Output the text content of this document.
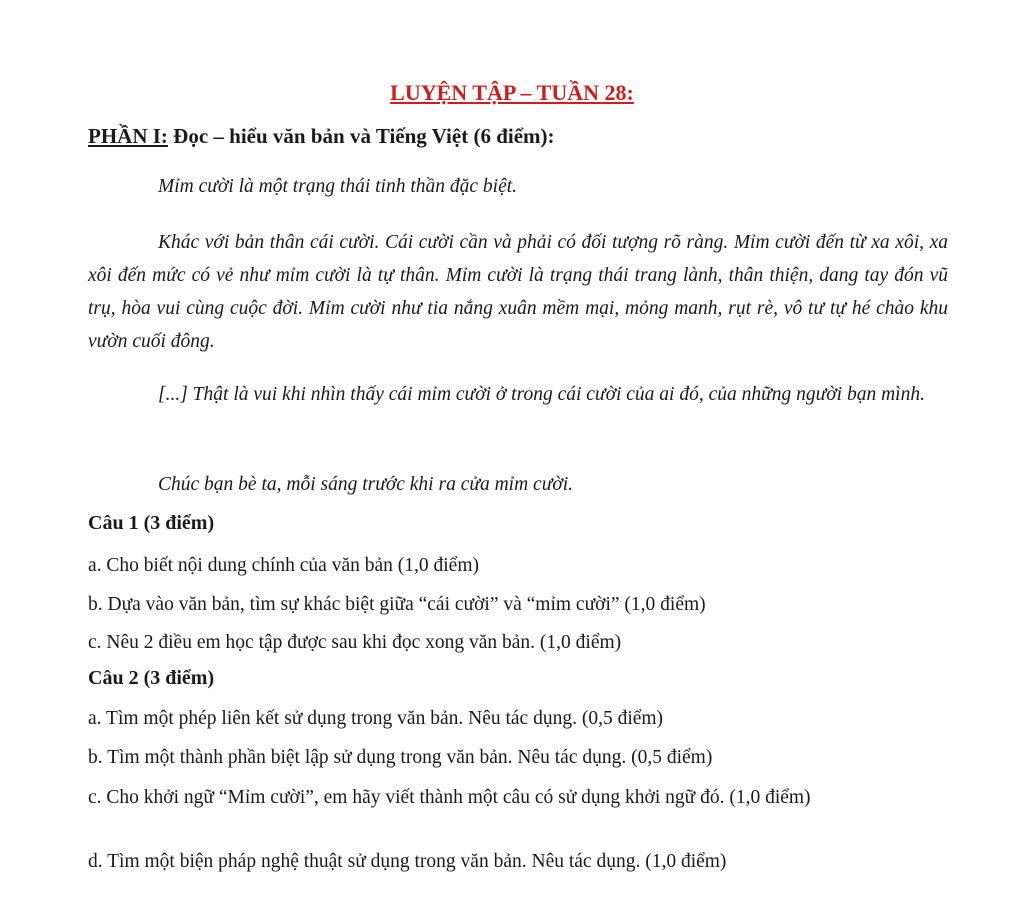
LUYỆN TẬP – TUẦN 28:
PHẦN I: Đọc – hiểu văn bản và Tiếng Việt (6 điểm):

Mỉm cười là một trạng thái tinh thần đặc biệt.

Khác với bản thân cái cười. Cái cười cần và phải có đối tượng rõ ràng. Mỉm cười đến từ xa xôi, xa xôi đến mức có vẻ như mỉm cười là tự thân. Mỉm cười là trạng thái trang lành, thân thiện, dang tay đón vũ trụ, hòa vui cùng cuộc đời. Mỉm cười như tia nắng xuân mềm mại, mỏng manh, rụt rè, vô tư tự hé chào khu vườn cuối đông.

[...] Thật là vui khi nhìn thấy cái mỉm cười ở trong cái cười của ai đó, của những người bạn mình.

Chúc bạn bè ta, mỗi sáng trước khi ra cửa mỉm cười.

Câu 1 (3 điểm)

a. Cho biết nội dung chính của văn bản (1,0 điểm)

b. Dựa vào văn bản, tìm sự khác biệt giữa “cái cười” và “mỉm cười” (1,0 điểm)

c. Nêu 2 điều em học tập được sau khi đọc xong văn bản. (1,0 điểm)

Câu 2 (3 điểm)

a. Tìm một phép liên kết sử dụng trong văn bản. Nêu tác dụng. (0,5 điểm)

b. Tìm một thành phần biệt lập sử dụng trong văn bản. Nêu tác dụng. (0,5 điểm)

c. Cho khởi ngữ “Mỉm cười”, em hãy viết thành một câu có sử dụng khởi ngữ đó. (1,0 điểm)

d. Tìm một biện pháp nghệ thuật sử dụng trong văn bản. Nêu tác dụng. (1,0 điểm)
